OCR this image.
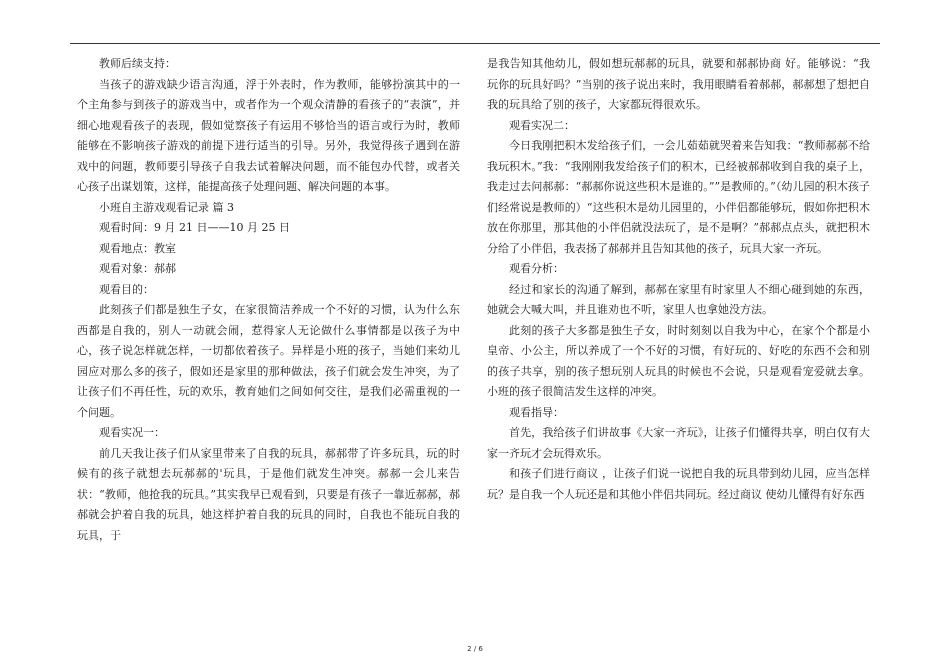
教师后续支持：

当孩子的游戏缺少语言沟通，浮于外表时，作为教师，能够扮演其中的一个主角参与到孩子的游戏当中，或者作为一个观众清静的看孩子的“表演”，并细心地观看孩子的表现，假如觉察孩子有运用不够恰当的语言或行为时，教师能够在不影响孩子游戏的前提下进行适当的引导。另外，我觉得孩子遇到在游戏中的问题，教师要引导孩子自我去试着解决问题，而不能包办代替，或者关心孩子出谋划策，这样，能提高孩子处理问题、解决问题的本事。

小班自主游戏观看记录 篇 3

观看时间：9 月 21 日——10 月 25 日

观看地点：教室

观看对象：郝郝

观看目的：

此刻孩子们都是独生子女，在家很简洁养成一个不好的习惯，认为什么东西都是自我的，别人一动就会闹，惹得家人无论做什么事情都是以孩子为中心，孩子说怎样就怎样，一切都依着孩子。异样是小班的孩子，当她们来幼儿园应对那么多的孩子，假如还是家里的那种做法，孩子们就会发生冲突，为了让孩子们不再任性，玩的欢乐，教育她们之间如何交往，是我们必需重视的一个问题。

观看实况一：

前几天我让孩子们从家里带来了自我的玩具，郝郝带了许多玩具，玩的时候有的孩子就想去玩郝郝的'玩具，于是他们就发生冲突。郝郝一会儿来告状：“教师，他抢我的玩具。”其实我早已观看到，只要是有孩子一靠近郝郝，郝郝就会护着自我的玩具，她这样护着自我的玩具的同时，自我也不能玩自我的玩具，于

是我告知其他幼儿，假如想玩郝郝的玩具，就要和郝郝协商 好。能够说：“我玩你的玩具好吗？”当别的孩子说出来时，我用眼睛看着郝郝，郝郝想了想把自我的玩具给了别的孩子，大家都玩得很欢乐。

观看实况二：

今日我刚把积木发给孩子们，一会儿茹茹就哭着来告知我：“教师郝郝不给我玩积木。”我：“我刚刚我发给孩子们的积木，已经被郝郝收到自我的桌子上，我走过去问郝郝：“郝郝你说这些积木是谁的。””是教师的。”（幼儿园的积木孩子们经常说是教师的）“这些积木是幼儿园里的，小伴侣都能够玩，假如你把积木放在你那里，那其他的小伴侣就没法玩了，是不是啊？”郝郝点点头，就把积木分给了小伴侣，我表扬了郝郝并且告知其他的孩子，玩具大家一齐玩。

观看分析：

经过和家长的沟通了解到，郝郝在家里有时家里人不细心碰到她的东西，她就会大喊大叫，并且谁劝也不听，家里人也拿她没方法。

此刻的孩子大多都是独生子女，时时刻刻以自我为中心，在家个个都是小皇帝、小公主，所以养成了一个不好的习惯，有好玩的、好吃的东西不会和别的孩子共享，别的孩子想玩别人玩具的时候也不会说，只是观看宠爱就去拿。小班的孩子很简洁发生这样的冲突。

观看指导：

首先，我给孩子们讲故事《大家一齐玩》，让孩子们懂得共享，明白仅有大家一齐玩才会玩得欢乐。

和孩子们进行商议 ，让孩子们说一说把自我的玩具带到幼儿园，应当怎样玩？是自我一个人玩还是和其他小伴侣共同玩。经过商议 使幼儿懂得有好东西

2 / 6
